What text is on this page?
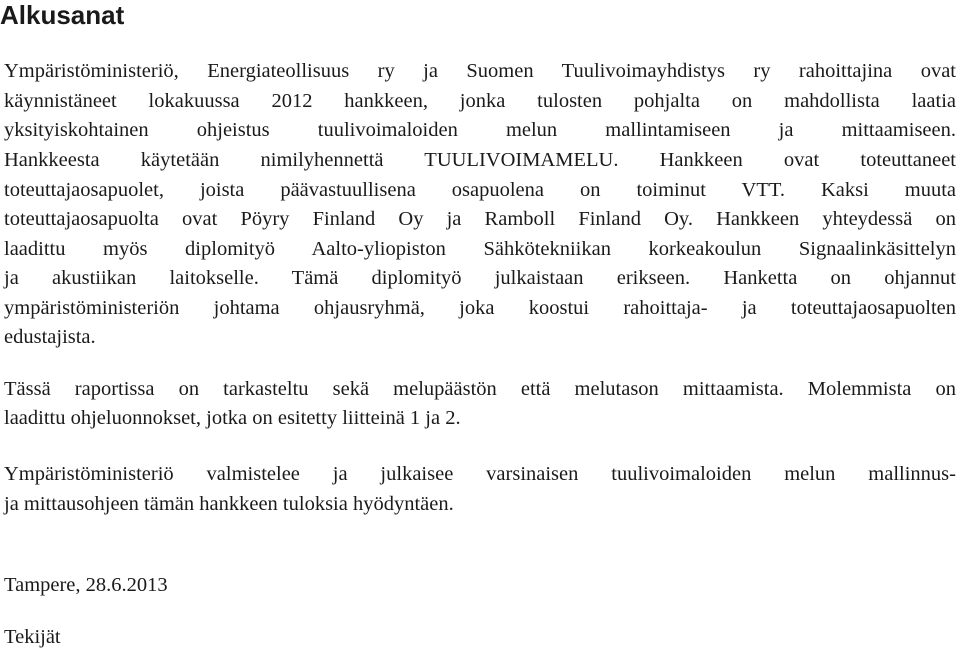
Alkusanat
Ympäristöministeriö, Energiateollisuus ry ja Suomen Tuulivoimayhdistys ry rahoittajina ovat
käynnistäneet lokakuussa 2012 hankkeen, jonka tulosten pohjalta on mahdollista laatia
yksityiskohtainen ohjeistus tuulivoimaloiden melun mallintamiseen ja mittaamiseen.
Hankkeesta käytetään nimilyhennettä TUULIVOIMAMELU. Hankkeen ovat toteuttaneet
toteuttajaosapuolet, joista päävastuullisena osapuolena on toiminut VTT. Kaksi muuta
toteuttajaosapuolta ovat Pöyry Finland Oy ja Ramboll Finland Oy. Hankkeen yhteydessä on
laadittu myös diplomityö Aalto-yliopiston Sähkötekniikan korkeakoulun Signaalinkäsittelyn
ja akustiikan laitokselle. Tämä diplomityö julkaistaan erikseen. Hanketta on ohjannut
ympäristöministeriön johtama ohjausryhmä, joka koostui rahoittaja- ja toteuttajaosapuolten
edustajista.
Tässä raportissa on tarkasteltu sekä melupäästön että melutason mittaamista. Molemmista on
laadittu ohjeluonnokset, jotka on esitetty liitteinä 1 ja 2.
Ympäristöministeriö valmistelee ja julkaisee varsinaisen tuulivoimaloiden melun mallinnus-
ja mittausohjeen tämän hankkeen tuloksia hyödyntäen.
Tampere, 28.6.2013
Tekijät
